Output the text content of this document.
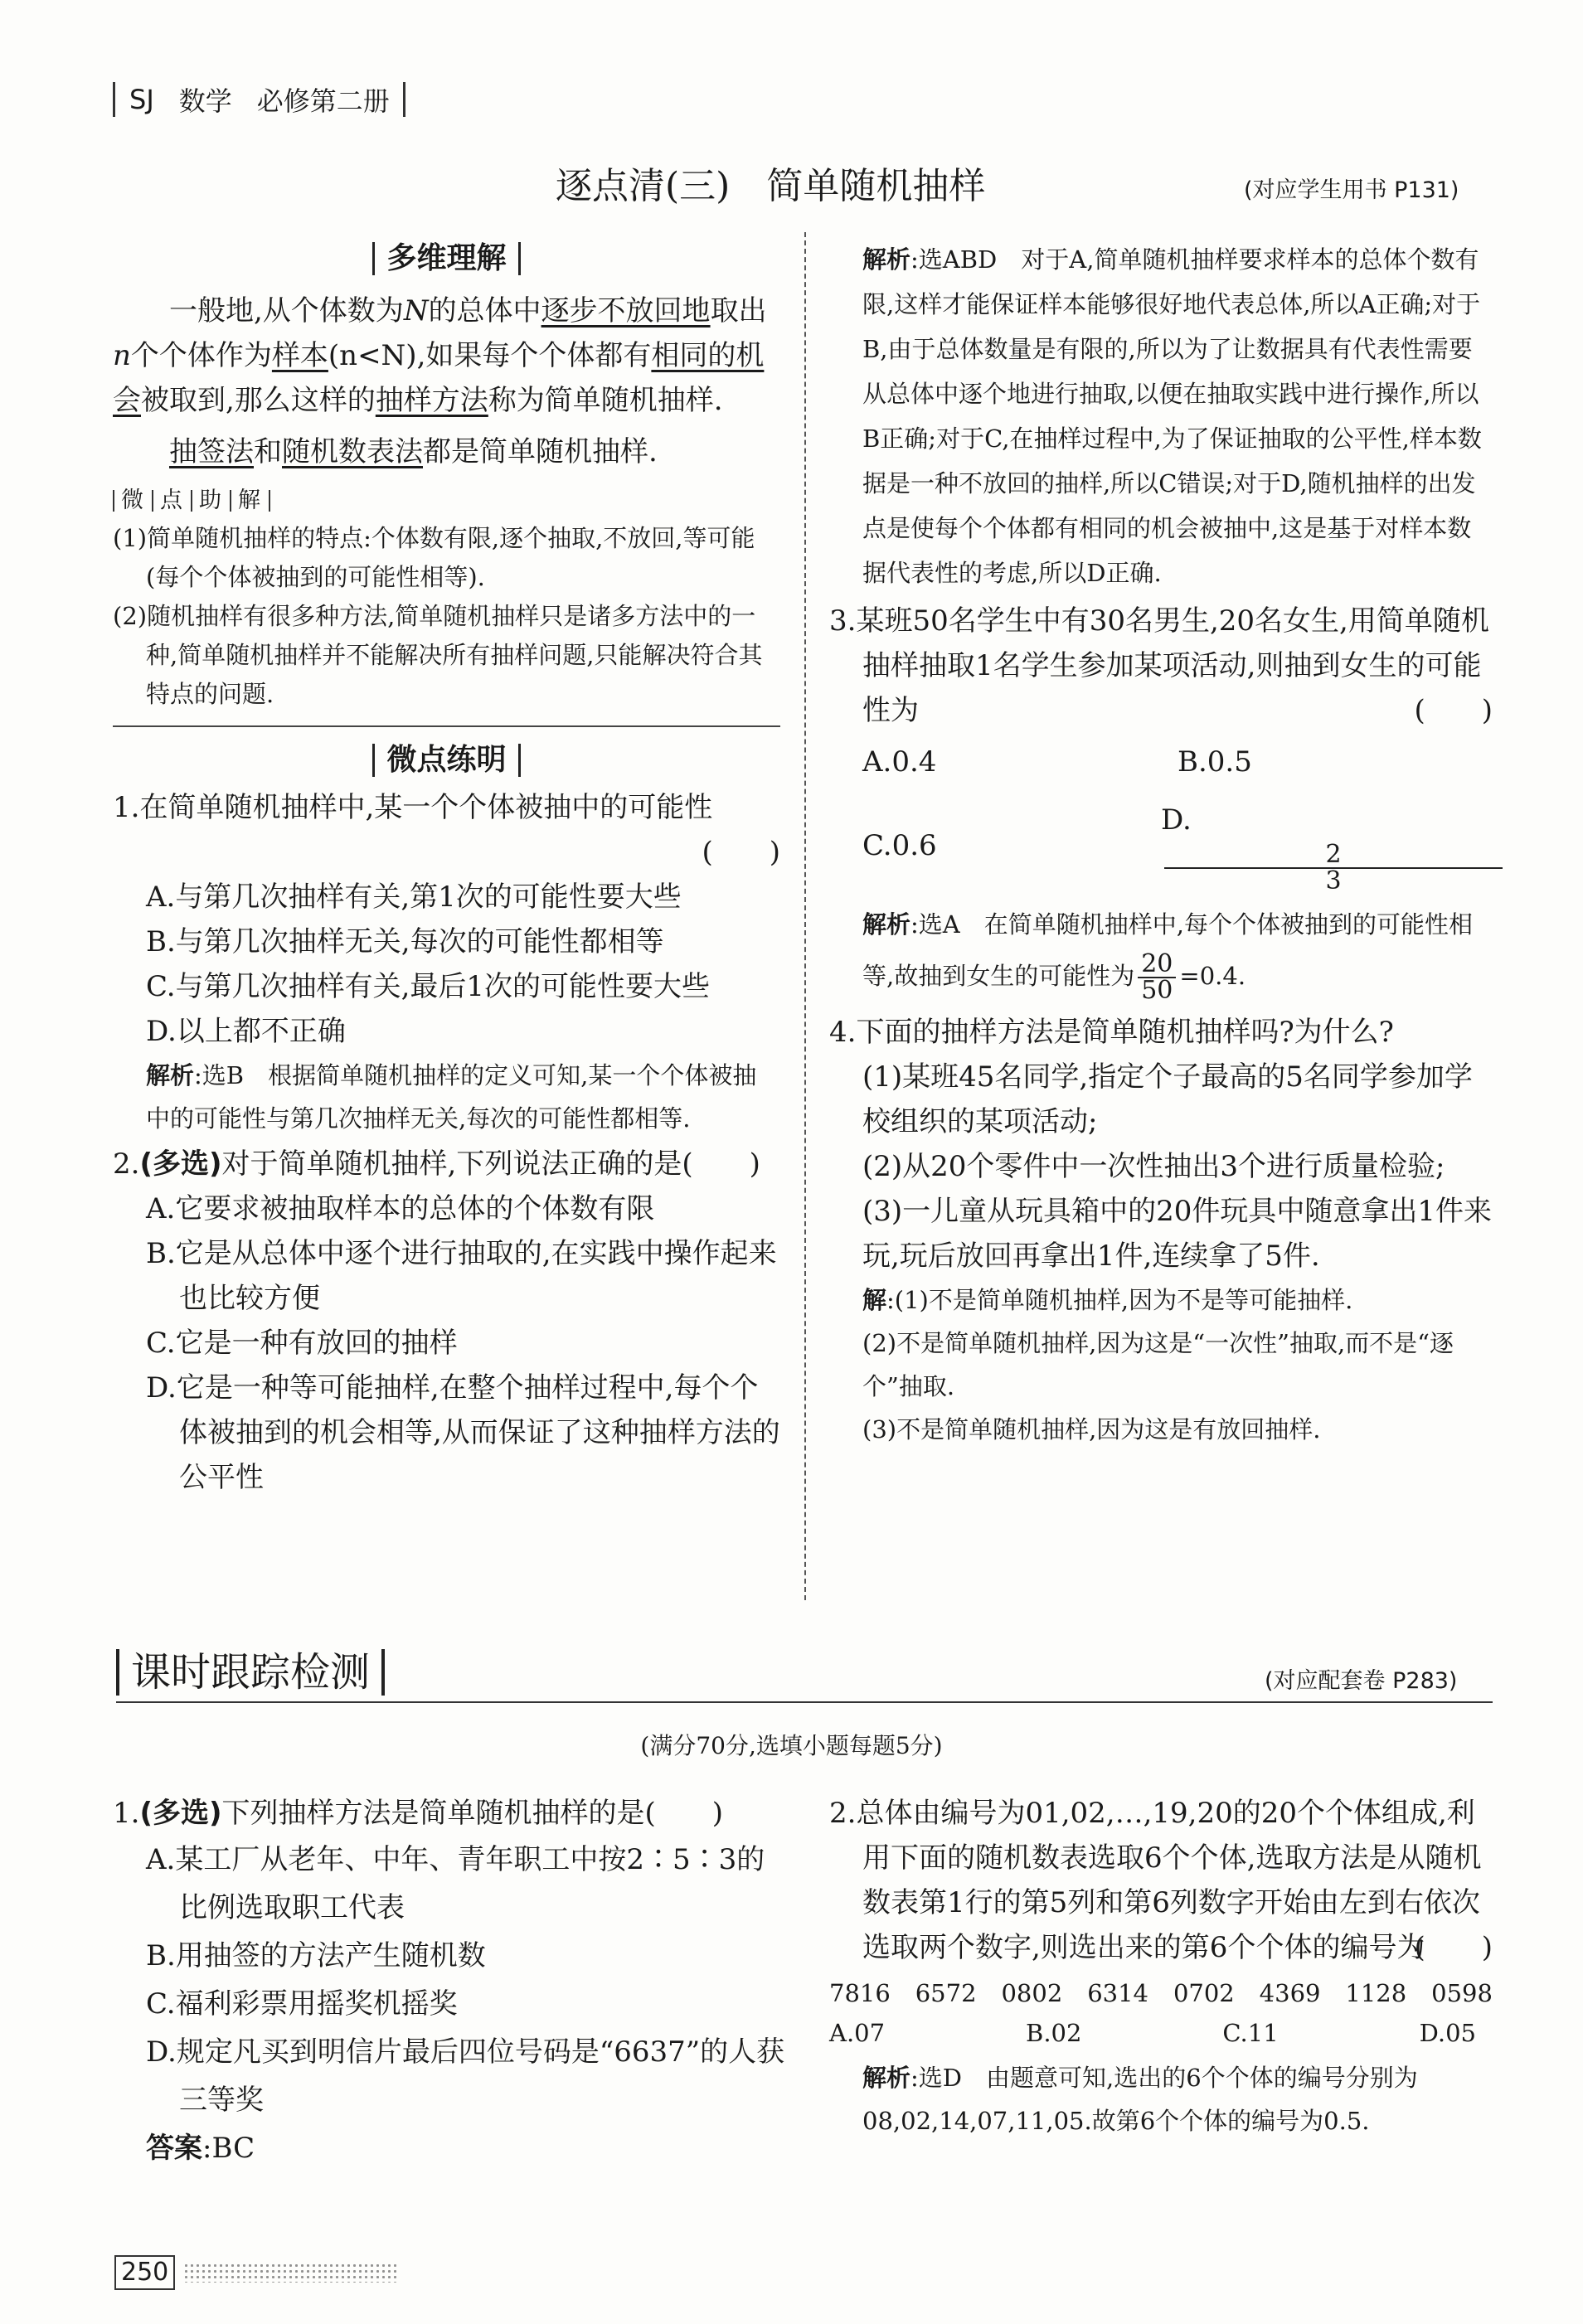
SJ 数学 必修第二册
逐点清(三)　简单随机抽样	(对应学生用书 P131)
多维理解

一般地,从个体数为N的总体中逐步不放回地取出n个个体作为样本(n<N),如果每个个体都有相同的机会被取到,那么这样的抽样方法称为简单随机抽样.

抽签法和随机数表法都是简单随机抽样.

微 点 助 解

(1)简单随机抽样的特点:个体数有限,逐个抽取,不放回,等可能(每个个体被抽到的可能性相等).

(2)随机抽样有很多种方法,简单随机抽样只是诸多方法中的一种,简单随机抽样并不能解决所有抽样问题,只能解决符合其特点的问题.

微点练明

1.在简单随机抽样中,某一个个体被抽中的可能性

(　　)

A.与第几次抽样有关,第1次的可能性要大些

B.与第几次抽样无关,每次的可能性都相等

C.与第几次抽样有关,最后1次的可能性要大些

D.以上都不正确

解析:选B　根据简单随机抽样的定义可知,某一个个体被抽中的可能性与第几次抽样无关,每次的可能性都相等.

2.(多选)对于简单随机抽样,下列说法正确的是(　　)

A.它要求被抽取样本的总体的个体数有限

B.它是从总体中逐个进行抽取的,在实践中操作起来也比较方便

C.它是一种有放回的抽样

D.它是一种等可能抽样,在整个抽样过程中,每个个体被抽到的机会相等,从而保证了这种抽样方法的公平性

解析:选ABD　对于A,简单随机抽样要求样本的总体个数有限,这样才能保证样本能够很好地代表总体,所以A正确;对于B,由于总体数量是有限的,所以为了让数据具有代表性需要从总体中逐个地进行抽取,以便在抽取实践中进行操作,所以B正确;对于C,在抽样过程中,为了保证抽取的公平性,样本数据是一种不放回的抽样,所以C错误;对于D,随机抽样的出发点是使每个个体都有相同的机会被抽中,这是基于对样本数据代表性的考虑,所以D正确.

3.某班50名学生中有30名男生,20名女生,用简单随机抽样抽取1名学生参加某项活动,则抽到女生的可能性为	(　　)

A.0.4	B.0.5
C.0.6
D.
$\frac{2}{3}$

解析:选A　在简单随机抽样中,每个个体被抽到的可能性相等,故抽到女生的可能性为 $\frac{20}{50} =0.4$.

4.下面的抽样方法是简单随机抽样吗?为什么?

(1)某班45名同学,指定个子最高的5名同学参加学校组织的某项活动;

(2)从20个零件中一次性抽出3个进行质量检验;

(3)一儿童从玩具箱中的20件玩具中随意拿出1件来玩,玩后放回再拿出1件,连续拿了5件.

解:(1)不是简单随机抽样,因为不是等可能抽样.

(2)不是简单随机抽样,因为这是“一次性”抽取,而不是“逐个”抽取.

(3)不是简单随机抽样,因为这是有放回抽样.

课时跟踪检测	(对应配套卷 P283)
(满分70分,选填小题每题5分)

1.(多选)下列抽样方法是简单随机抽样的是(　　)

A.某工厂从老年、中年、青年职工中按2∶5∶3的比例选取职工代表

B.用抽签的方法产生随机数

C.福利彩票用摇奖机摇奖

D.规定凡买到明信片最后四位号码是“6637”的人获三等奖

答案:BC

2.总体由编号为01,02,…,19,20的20个个体组成,利用下面的随机数表选取6个个体,选取方法是从随机数表第1行的第5列和第6列数字开始由左到右依次选取两个数字,则选出来的第6个个体的编号为

(　　)

7816 6572 0802 6314 0702 4369 1128 0598
A.07	B.02	C.11	D.05

解析:选D　由题意可知,选出的6个个体的编号分别为08,02,14,07,11,05.故第6个个体的编号为0.5.

250
